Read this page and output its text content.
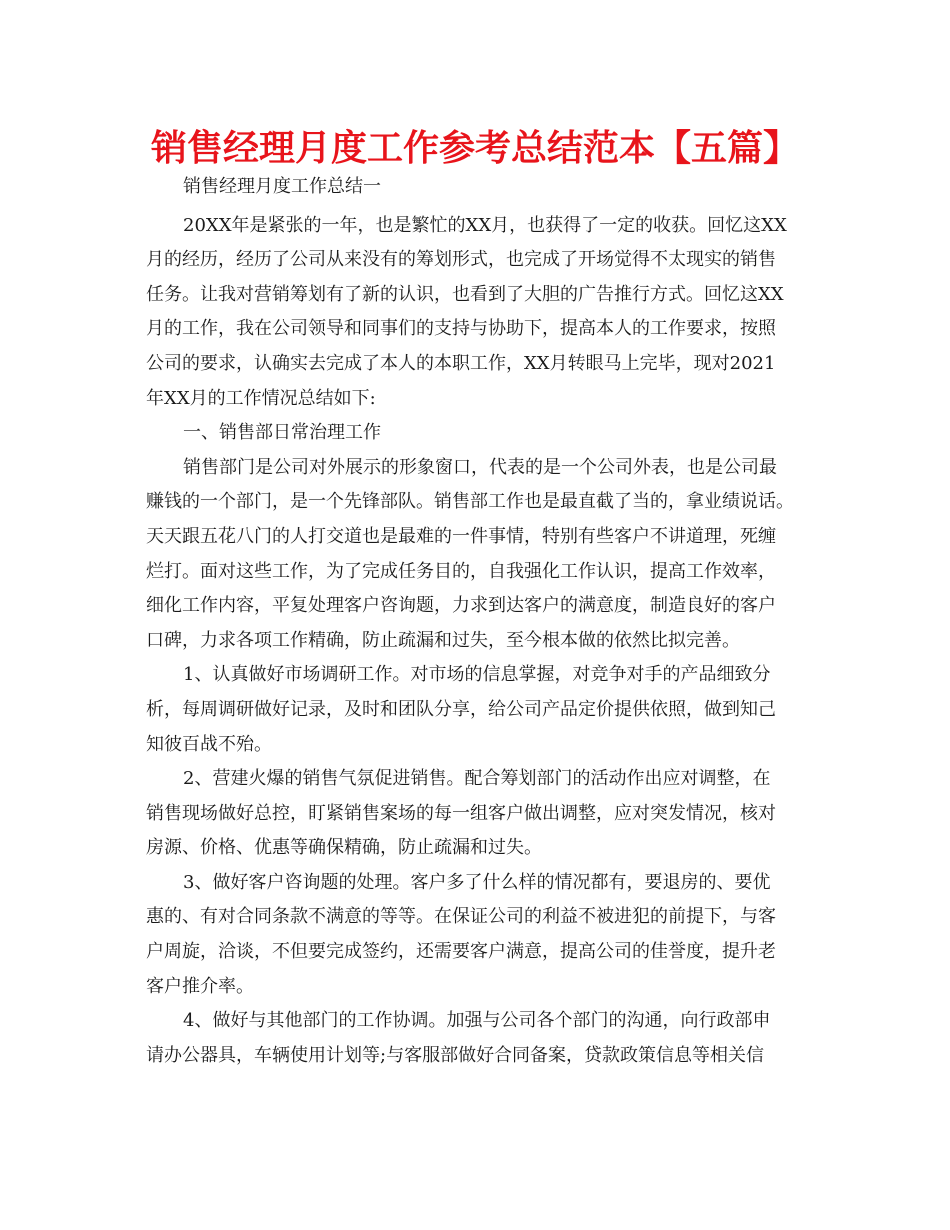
销售经理月度工作参考总结范本【五篇】
销售经理月度工作总结一
20XX年是紧张的一年，也是繁忙的XX月，也获得了一定的收获。回忆这XX
月的经历，经历了公司从来没有的筹划形式，也完成了开场觉得不太现实的销售
任务。让我对营销筹划有了新的认识，也看到了大胆的广告推行方式。回忆这XX
月的工作，我在公司领导和同事们的支持与协助下，提高本人的工作要求，按照
公司的要求，认确实去完成了本人的本职工作，XX月转眼马上完毕，现对2021
年XX月的工作情况总结如下:
一、销售部日常治理工作
销售部门是公司对外展示的形象窗口，代表的是一个公司外表，也是公司最
赚钱的一个部门，是一个先锋部队。销售部工作也是最直截了当的，拿业绩说话。
天天跟五花八门的人打交道也是最难的一件事情，特别有些客户不讲道理，死缠
烂打。面对这些工作，为了完成任务目的，自我强化工作认识，提高工作效率，
细化工作内容，平复处理客户咨询题，力求到达客户的满意度，制造良好的客户
口碑，力求各项工作精确，防止疏漏和过失，至今根本做的依然比拟完善。
1、认真做好市场调研工作。对市场的信息掌握，对竞争对手的产品细致分
析，每周调研做好记录，及时和团队分享，给公司产品定价提供依照，做到知己
知彼百战不殆。
2、营建火爆的销售气氛促进销售。配合筹划部门的活动作出应对调整，在
销售现场做好总控，盯紧销售案场的每一组客户做出调整，应对突发情况，核对
房源、价格、优惠等确保精确，防止疏漏和过失。
3、做好客户咨询题的处理。客户多了什么样的情况都有，要退房的、要优
惠的、有对合同条款不满意的等等。在保证公司的利益不被进犯的前提下，与客
户周旋，洽谈，不但要完成签约，还需要客户满意，提高公司的佳誉度，提升老
客户推介率。
4、做好与其他部门的工作协调。加强与公司各个部门的沟通，向行政部申
请办公器具，车辆使用计划等;与客服部做好合同备案，贷款政策信息等相关信
